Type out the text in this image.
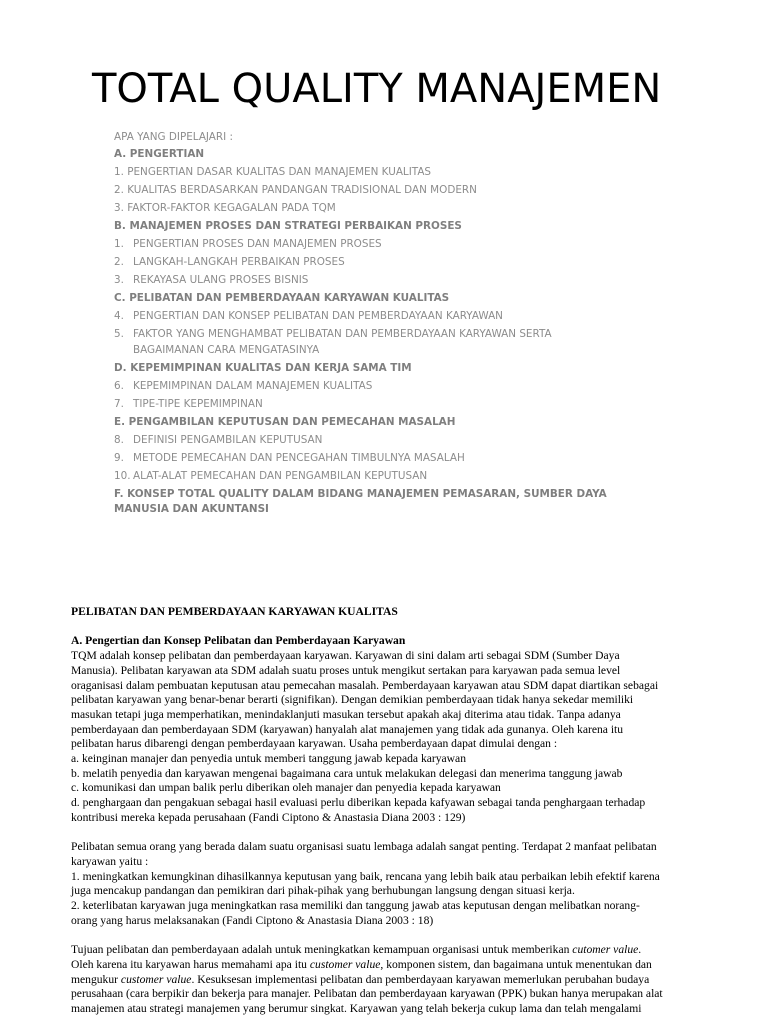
TOTAL QUALITY MANAJEMEN
APA YANG DIPELAJARI :
A. PENGERTIAN
1. PENGERTIAN DASAR KUALITAS DAN MANAJEMEN KUALITAS
2. KUALITAS BERDASARKAN PANDANGAN TRADISIONAL DAN MODERN
3. FAKTOR-FAKTOR KEGAGALAN PADA TQM
B. MANAJEMEN PROSES DAN STRATEGI PERBAIKAN PROSES
1. PENGERTIAN PROSES DAN MANAJEMEN PROSES
2. LANGKAH-LANGKAH PERBAIKAN PROSES
3. REKAYASA ULANG PROSES BISNIS
C. PELIBATAN DAN PEMBERDAYAAN KARYAWAN KUALITAS
4. PENGERTIAN DAN KONSEP PELIBATAN DAN PEMBERDAYAAN KARYAWAN
5. FAKTOR YANG MENGHAMBAT PELIBATAN DAN PEMBERDAYAAN KARYAWAN SERTA BAGAIMANAN CARA MENGATASINYA
D. KEPEMIMPINAN KUALITAS DAN KERJA SAMA TIM
6. KEPEMIMPINAN DALAM MANAJEMEN KUALITAS
7. TIPE-TIPE KEPEMIMPINAN
E. PENGAMBILAN KEPUTUSAN DAN PEMECAHAN MASALAH
8. DEFINISI PENGAMBILAN KEPUTUSAN
9. METODE PEMECAHAN DAN PENCEGAHAN TIMBULNYA MASALAH
10. ALAT-ALAT PEMECAHAN DAN PENGAMBILAN KEPUTUSAN
F. KONSEP TOTAL QUALITY DALAM BIDANG MANAJEMEN PEMASARAN, SUMBER DAYA MANUSIA DAN AKUNTANSI
PELIBATAN DAN PEMBERDAYAAN KARYAWAN KUALITAS
A. Pengertian dan Konsep Pelibatan dan Pemberdayaan Karyawan

TQM adalah konsep pelibatan dan pemberdayaan karyawan. Karyawan di sini dalam arti sebagai SDM (Sumber Daya
Manusia). Pelibatan karyawan ata SDM adalah suatu proses untuk mengikut sertakan para karyawan pada semua level
oraganisasi dalam pembuatan keputusan atau pemecahan masalah. Pemberdayaan karyawan atau SDM dapat diartikan sebagai
pelibatan karyawan yang benar-benar berarti (signifikan). Dengan demikian pemberdayaan tidak hanya sekedar memiliki
masukan tetapi juga memperhatikan, menindaklanjuti masukan tersebut apakah akaj diterima atau tidak. Tanpa adanya
pemberdayaan dan pemberdayaan SDM (karyawan) hanyalah alat manajemen yang tidak ada gunanya. Oleh karena itu
pelibatan harus dibarengi dengan pemberdayaan karyawan. Usaha pemberdayaan dapat dimulai dengan :
a. keinginan manajer dan penyedia untuk memberi tanggung jawab kepada karyawan
b. melatih penyedia dan karyawan mengenai bagaimana cara untuk melakukan delegasi dan menerima tanggung jawab
c. komunikasi dan umpan balik perlu diberikan oleh manajer dan penyedia kepada karyawan
d. penghargaan dan pengakuan sebagai hasil evaluasi perlu diberikan kepada kafyawan sebagai tanda penghargaan terhadap
kontribusi mereka kepada perusahaan (Fandi Ciptono & Anastasia Diana 2003 : 129)

Pelibatan semua orang yang berada dalam suatu organisasi suatu lembaga adalah sangat penting. Terdapat 2 manfaat pelibatan
karyawan yaitu :
1. meningkatkan kemungkinan dihasilkannya keputusan yang baik, rencana yang lebih baik atau perbaikan lebih efektif karena
juga mencakup pandangan dan pemikiran dari pihak-pihak yang berhubungan langsung dengan situasi kerja.
2. keterlibatan karyawan juga meningkatkan rasa memiliki dan tanggung jawab atas keputusan dengan melibatkan norang-
orang yang harus melaksanakan (Fandi Ciptono & Anastasia Diana 2003 : 18)

Tujuan pelibatan dan pemberdayaan adalah untuk meningkatkan kemampuan organisasi untuk memberikan cutomer value.
Oleh karena itu karyawan harus memahami apa itu customer value, komponen sistem, dan bagaimana untuk menentukan dan
mengukur customer value. Kesuksesan implementasi pelibatan dan pemberdayaan karyawan memerlukan perubahan budaya
perusahaan (cara berpikir dan bekerja para manajer. Pelibatan dan pemberdayaan karyawan (PPK) bukan hanya merupakan alat
manajemen atau strategi manajemen yang berumur singkat. Karyawan yang telah bekerja cukup lama dan telah mengalami
